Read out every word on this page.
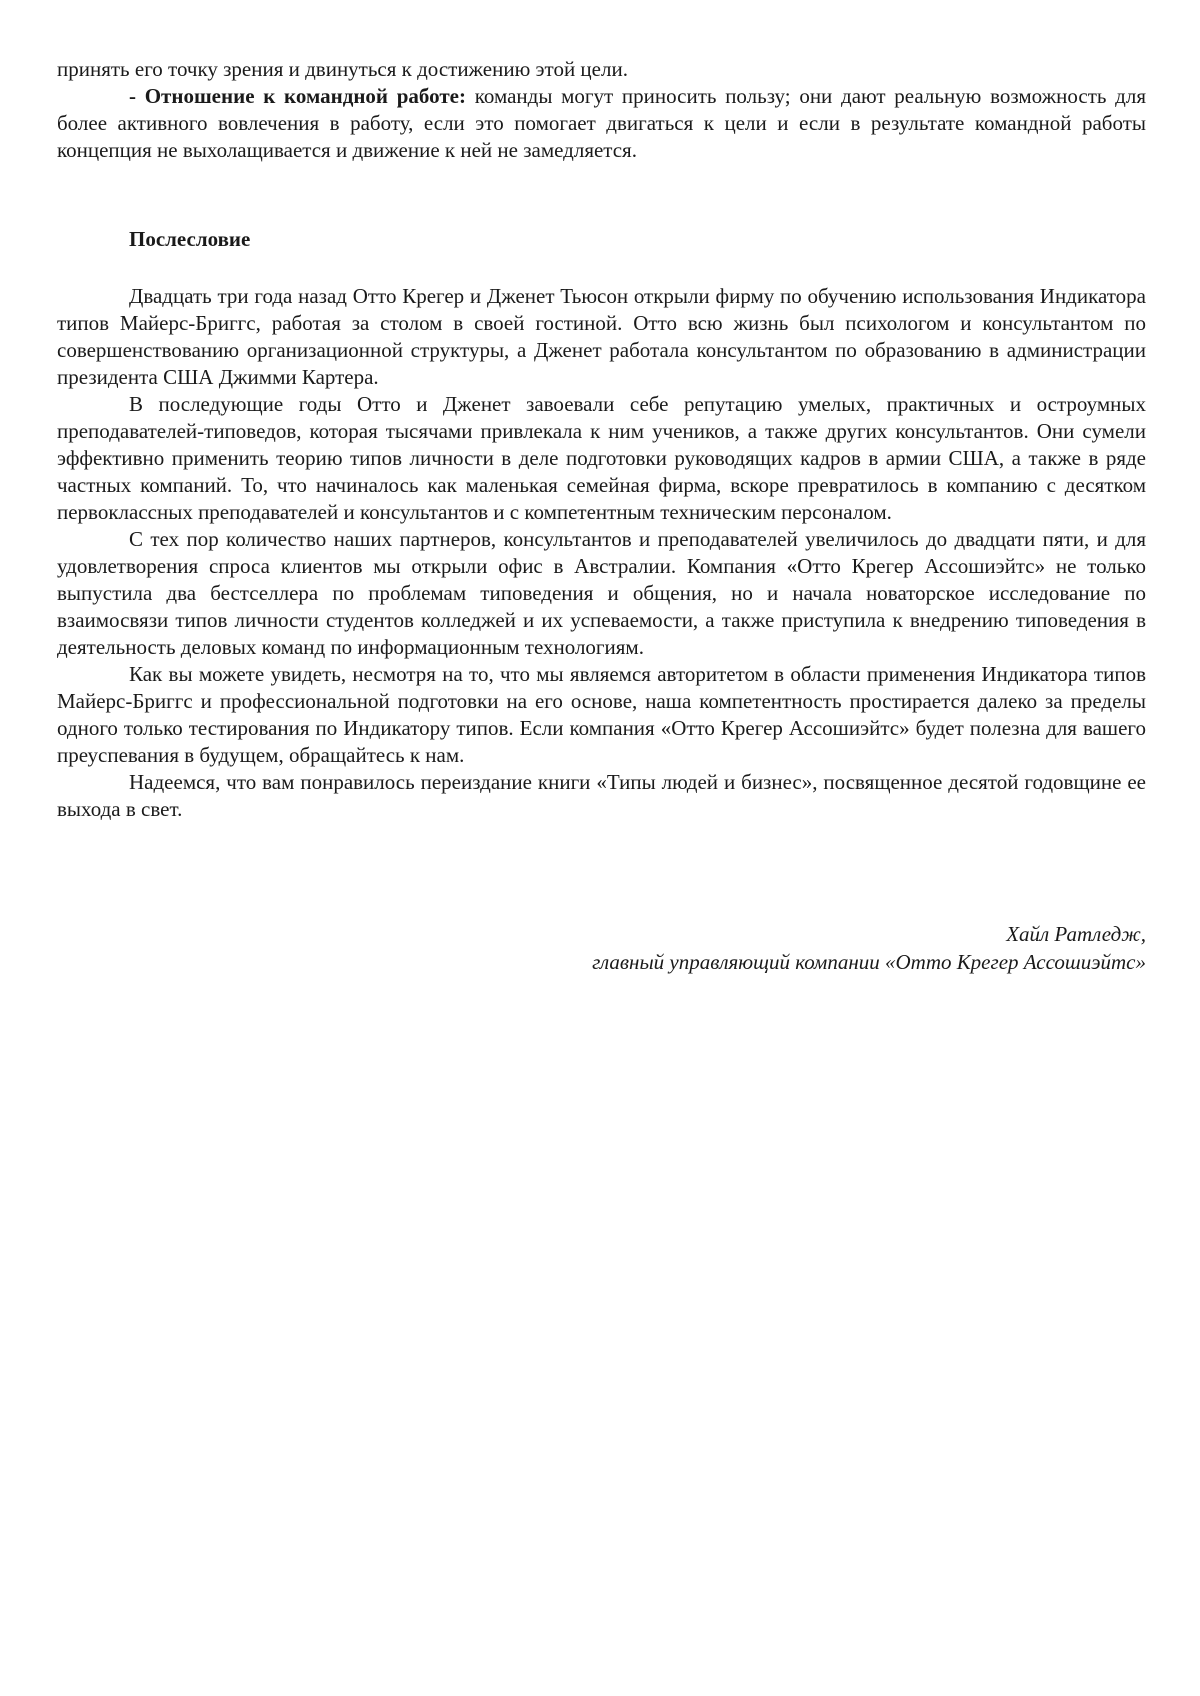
принять его точку зрения и двинуться к достижению этой цели.

- Отношение к командной работе: команды могут приносить пользу; они дают реальную возможность для более активного вовлечения в работу, если это помогает двигаться к цели и если в результате командной работы концепция не выхолащивается и движение к ней не замедляется.

Послесловие

Двадцать три года назад Отто Крегер и Дженет Тьюсон открыли фирму по обучению использования Индикатора типов Майерс-Бриггс, работая за столом в своей гостиной. Отто всю жизнь был психологом и консультантом по совершенствованию организационной структуры, а Дженет работала консультантом по образованию в администрации президента США Джимми Картера.

В последующие годы Отто и Дженет завоевали себе репутацию умелых, практичных и остроумных преподавателей-типоведов, которая тысячами привлекала к ним учеников, а также других консультантов. Они сумели эффективно применить теорию типов личности в деле подготовки руководящих кадров в армии США, а также в ряде частных компаний. То, что начиналось как маленькая семейная фирма, вскоре превратилось в компанию с десятком первоклассных преподавателей и консультантов и с компетентным техническим персоналом.

С тех пор количество наших партнеров, консультантов и преподавателей увеличилось до двадцати пяти, и для удовлетворения спроса клиентов мы открыли офис в Австралии. Компания «Отто Крегер Ассошиэйтс» не только выпустила два бестселлера по проблемам типоведения и общения, но и начала новаторское исследование по взаимосвязи типов личности студентов колледжей и их успеваемости, а также приступила к внедрению типоведения в деятельность деловых команд по информационным технологиям.

Как вы можете увидеть, несмотря на то, что мы являемся авторитетом в области применения Индикатора типов Майерс-Бриггс и профессиональной подготовки на его основе, наша компетентность простирается далеко за пределы одного только тестирования по Индикатору типов. Если компания «Отто Крегер Ассошиэйтс» будет полезна для вашего преуспевания в будущем, обращайтесь к нам.

Надеемся, что вам понравилось переиздание книги «Типы людей и бизнес», посвященное десятой годовщине ее выхода в свет.

Хайл Ратледж,
главный управляющий компании «Отто Крегер Ассошиэйтс»
